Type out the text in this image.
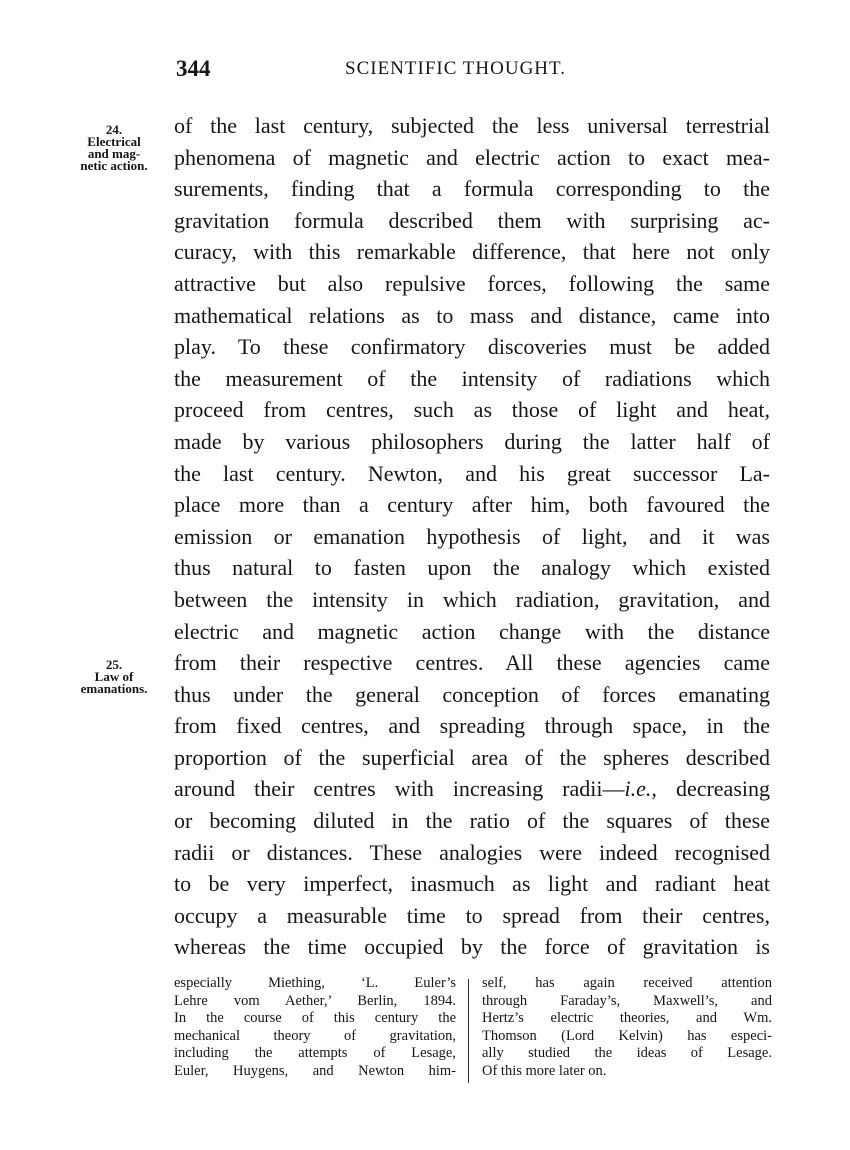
344	SCIENTIFIC THOUGHT.
24.
Electrical
and mag-
netic action.
25.
Law of
emanations.
of the last century, subjected the less universal terrestrial
phenomena of magnetic and electric action to exact mea-
surements, finding that a formula corresponding to the
gravitation formula described them with surprising ac-
curacy, with this remarkable difference, that here not only
attractive but also repulsive forces, following the same
mathematical relations as to mass and distance, came into
play. To these confirmatory discoveries must be added
the measurement of the intensity of radiations which
proceed from centres, such as those of light and heat,
made by various philosophers during the latter half of
the last century. Newton, and his great successor La-
place more than a century after him, both favoured the
emission or emanation hypothesis of light, and it was
thus natural to fasten upon the analogy which existed
between the intensity in which radiation, gravitation, and
electric and magnetic action change with the distance
from their respective centres. All these agencies came
thus under the general conception of forces emanating
from fixed centres, and spreading through space, in the
proportion of the superficial area of the spheres described
around their centres with increasing radii—i.e., decreasing
or becoming diluted in the ratio of the squares of these
radii or distances. These analogies were indeed recognised
to be very imperfect, inasmuch as light and radiant heat
occupy a measurable time to spread from their centres,
whereas the time occupied by the force of gravitation is
especially Miething, ‘L. Euler’s
Lehre vom Aether,’ Berlin, 1894.
In the course of this century the
mechanical theory of gravitation,
including the attempts of Lesage,
Euler, Huygens, and Newton him-
self, has again received attention
through Faraday’s, Maxwell’s, and
Hertz’s electric theories, and Wm.
Thomson (Lord Kelvin) has especi-
ally studied the ideas of Lesage.
Of this more later on.
